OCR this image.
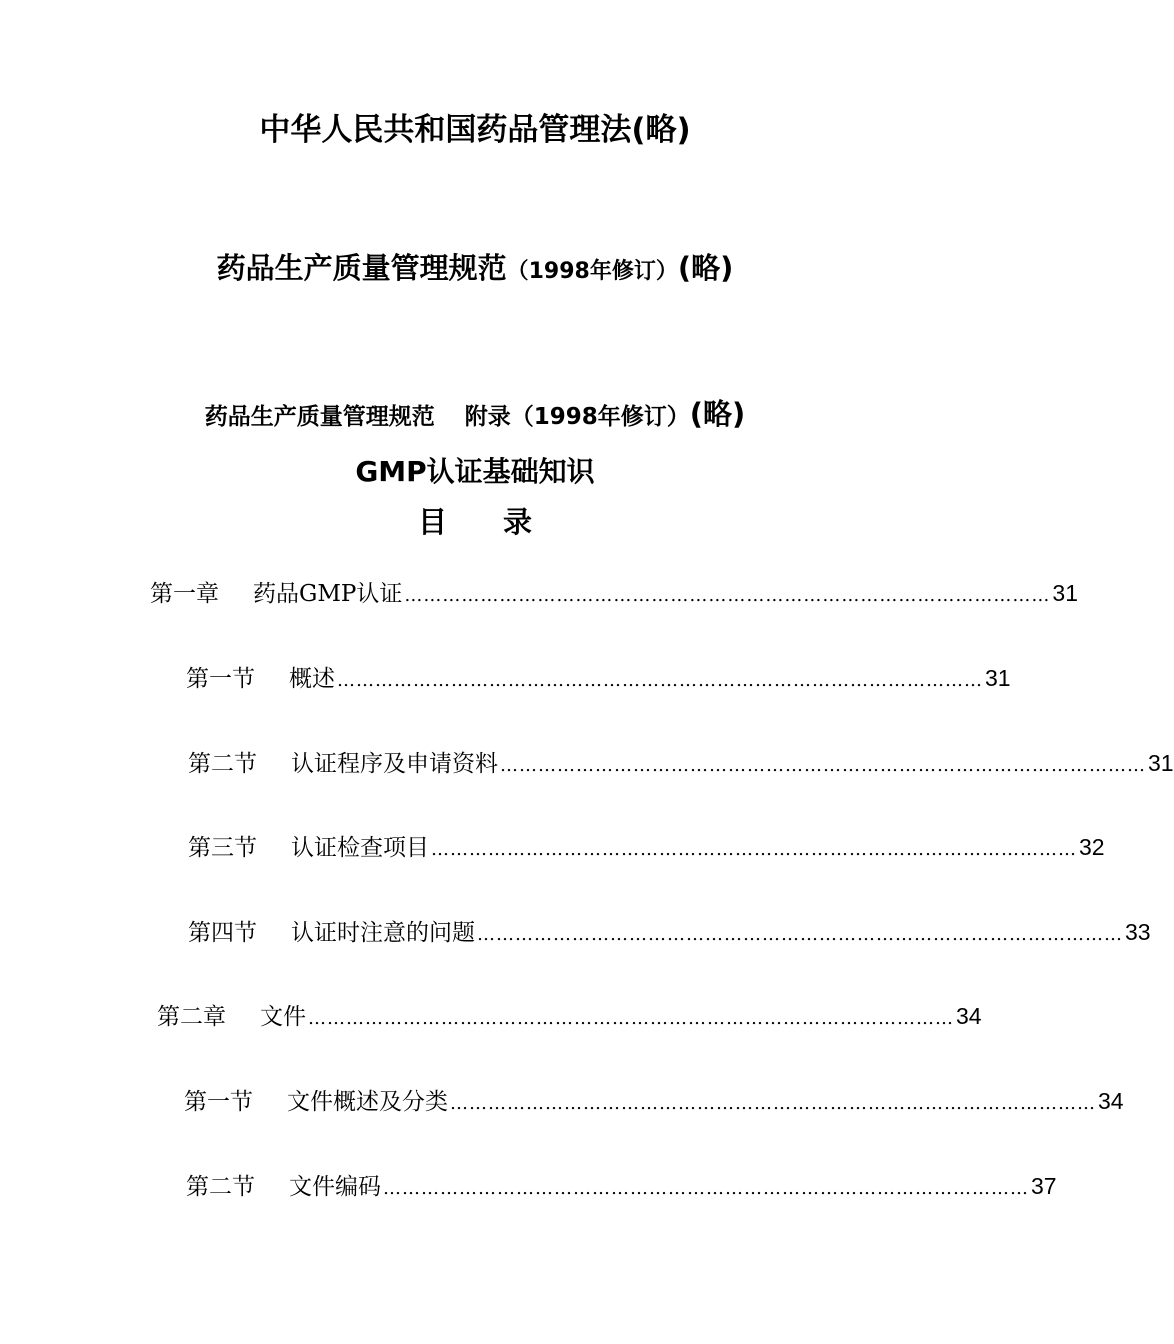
中华人民共和国药品管理法(略)
药品生产质量管理规范（1998年修订）(略)
药品生产质量管理规范 附录（1998年修订）(略)
GMP认证基础知识
目 录
第一章 药品GMP认证 ………………………………………………………………………………………… 31
第一节 概述 ………………………………………………………………………………………… 31
第二节 认证程序及申请资料 ………………………………………………………………………………………… 31
第三节 认证检查项目 ………………………………………………………………………………………… 32
第四节 认证时注意的问题 ………………………………………………………………………………………… 33
第二章 文件 ………………………………………………………………………………………… 34
第一节 文件概述及分类 ………………………………………………………………………………………… 34
第二节 文件编码 ………………………………………………………………………………………… 37
